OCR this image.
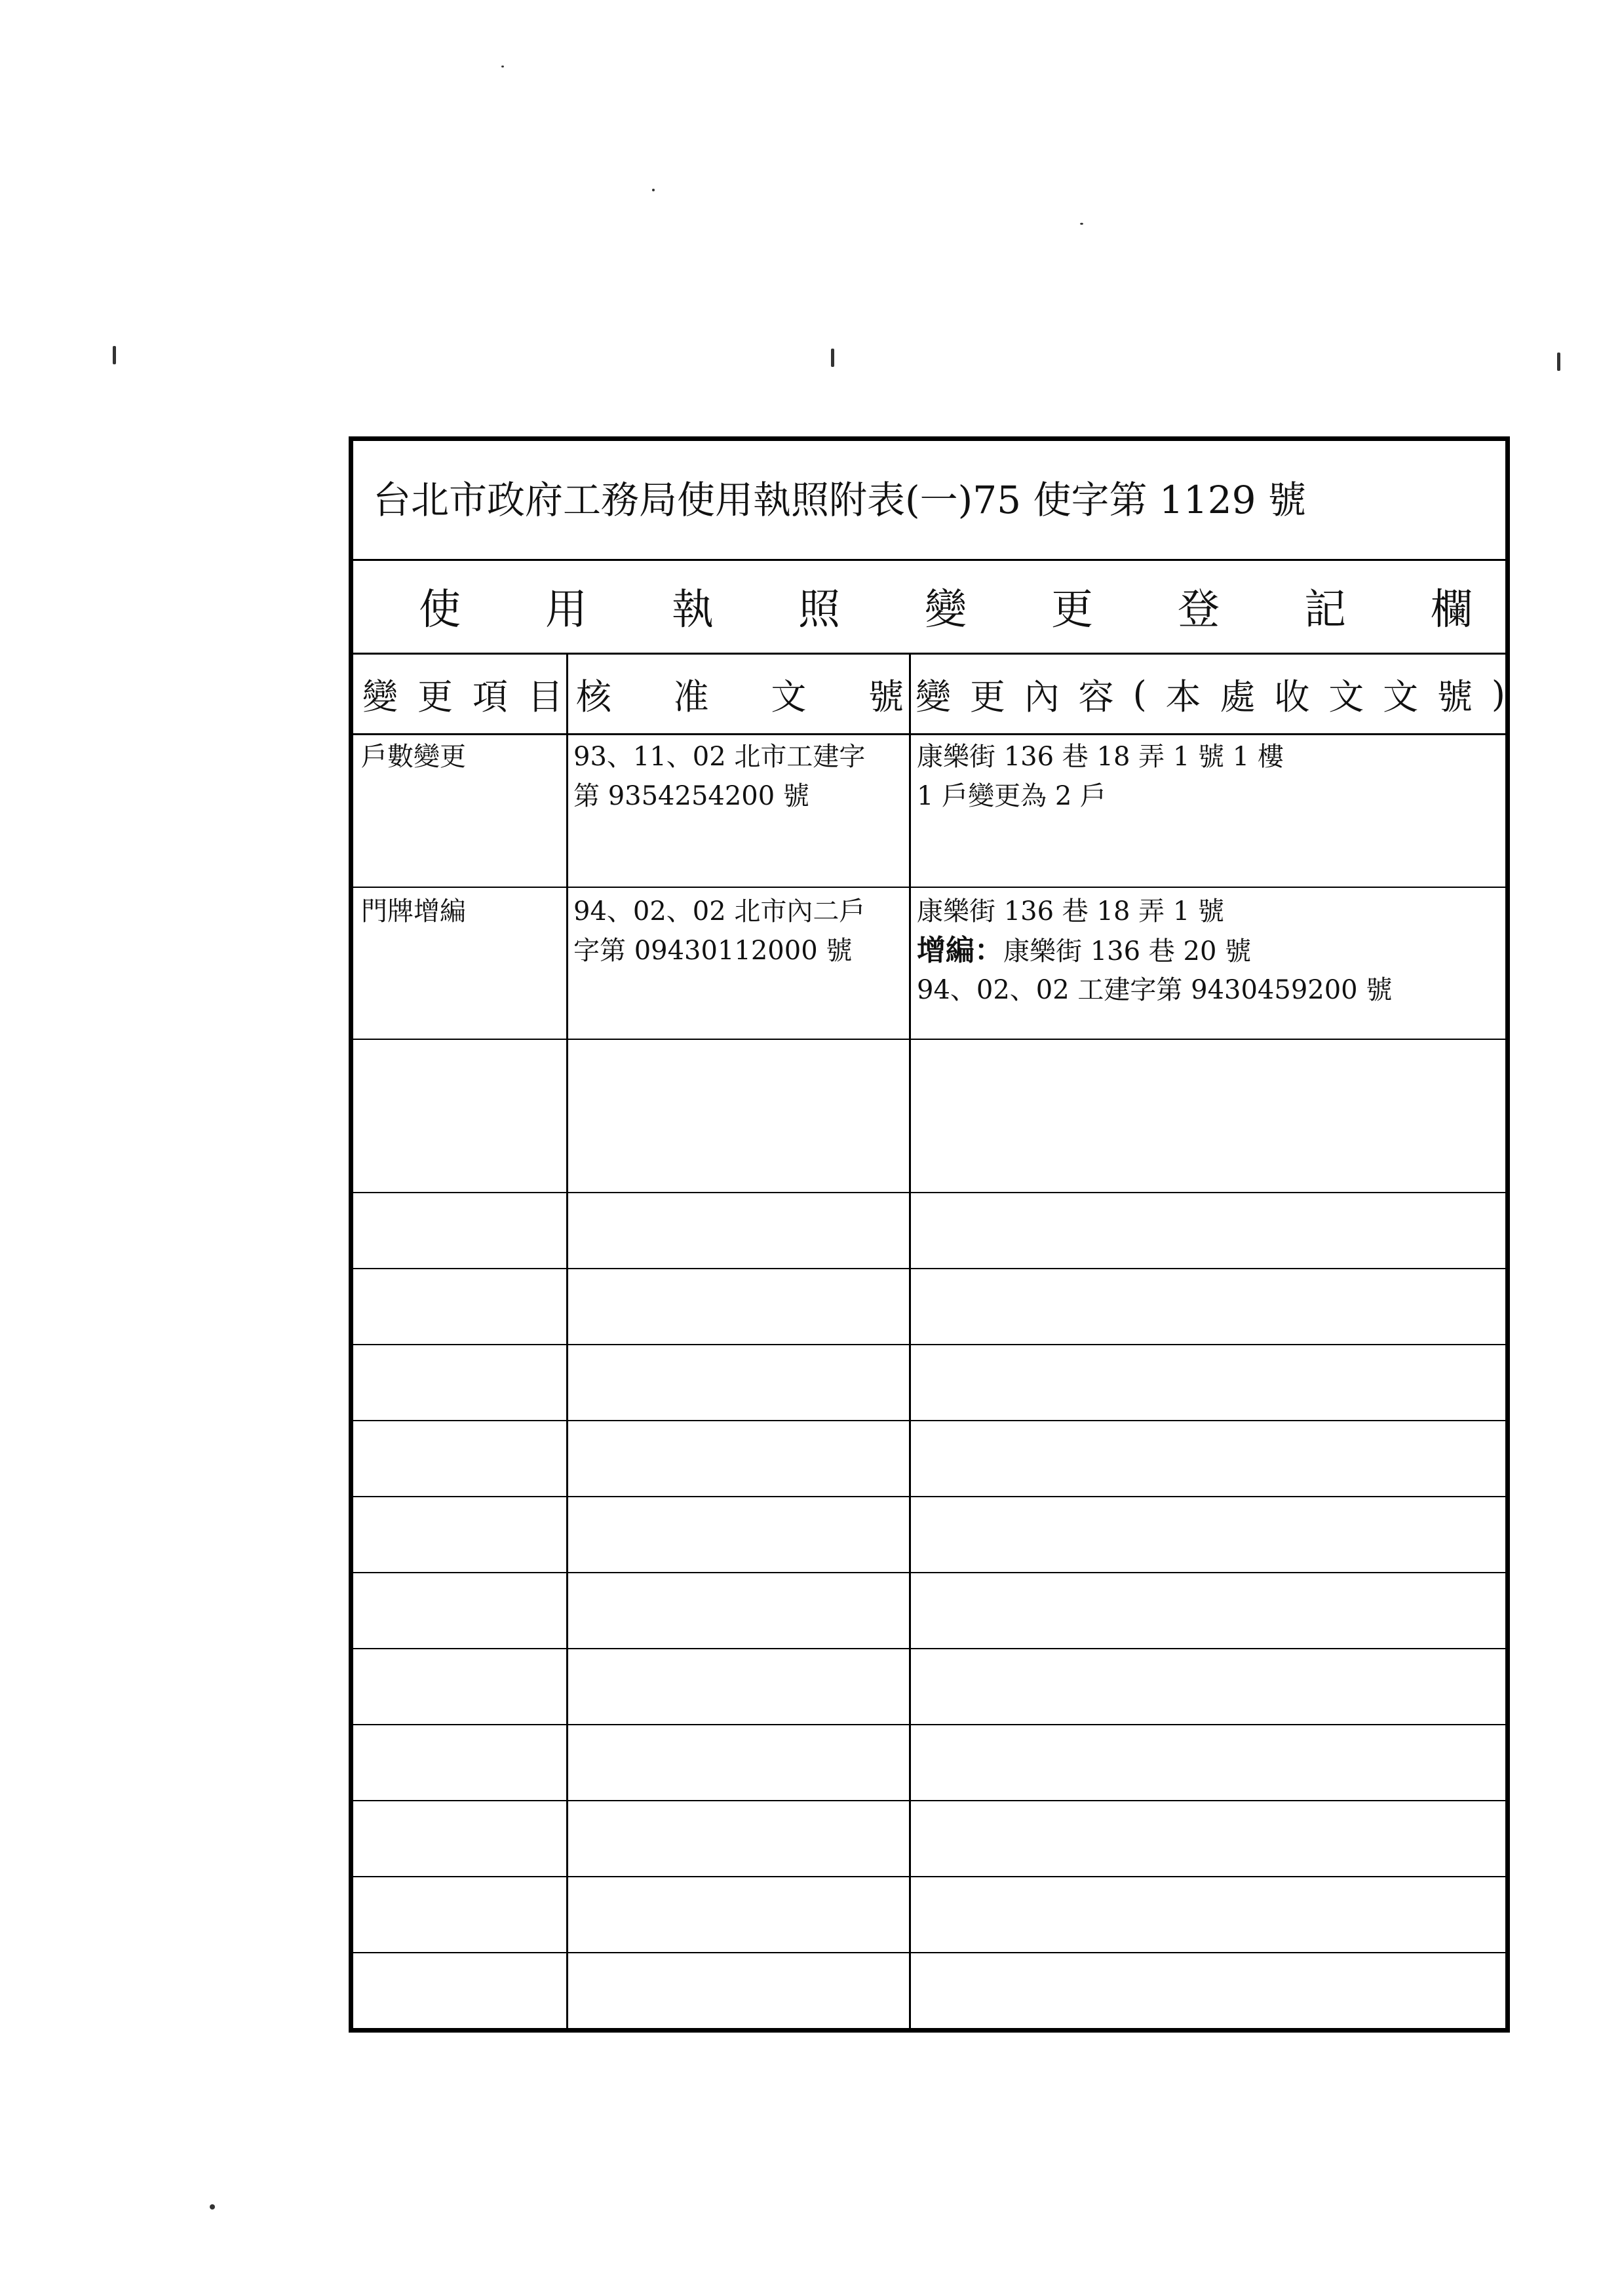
台北市政府工務局使用執照附表(一)75 使字第 1129 號
使 用 執 照 變 更 登 記 欄
變 更 項 目 核 准 文 號 變 更 內 容 ( 本 處 收 文 文 號 )
戶數變更	93、11、02 北市工建字
第 9354254200 號
康樂街 136 巷 18 弄 1 號 1 樓
1 戶變更為 2 戶
門牌增編	94、02、02 北市內二戶
字第 09430112000 號
康樂街 136 巷 18 弄 1 號
增編：康樂街 136 巷 20 號
94、02、02 工建字第 9430459200 號
